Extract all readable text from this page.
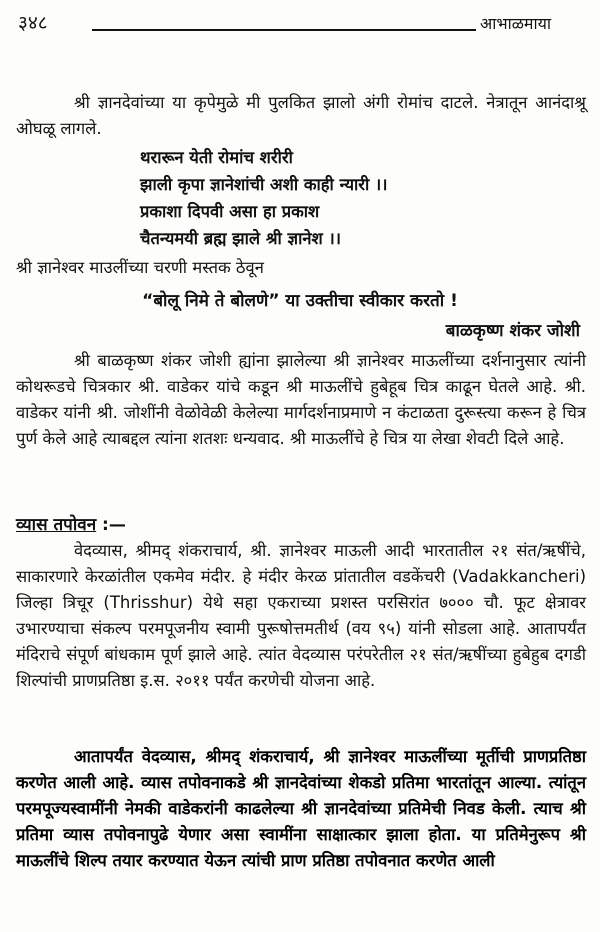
३४८	आभाळमाया

श्री ज्ञानदेवांच्या या कृपेमुळे मी पुलकित झालो अंगी रोमांच दाटले. नेत्रातून आनंदाश्रू ओघळू लागले.

थरारून येती रोमांच शरीरी
झाली कृपा ज्ञानेशांची अशी काही न्यारी ।।
प्रकाशा दिपवी असा हा प्रकाश
चैतन्यमयी ब्रह्म झाले श्री ज्ञानेश ।।

श्री ज्ञानेश्वर माउलींच्या चरणी मस्तक ठेवून

“बोलू निमे ते बोलणे” या उक्तीचा स्वीकार करतो !
बाळकृष्ण शंकर जोशी

श्री बाळकृष्ण शंकर जोशी ह्यांना झालेल्या श्री ज्ञानेश्वर माऊलींच्या दर्शनानुसार त्यांनी कोथरूडचे चित्रकार श्री. वाडेकर यांचे कडून श्री माऊलींचे हुबेहूब चित्र काढून घेतले आहे. श्री. वाडेकर यांनी श्री. जोशींनी वेळोवेळी केलेल्या मार्गदर्शनाप्रमाणे न कंटाळता दुरूस्त्या करून हे चित्र पुर्ण केले आहे त्याबद्दल त्यांना शतशः धन्यवाद. श्री माऊलींचे हे चित्र या लेखा शेवटी दिले आहे.

व्यास तपोवन :—

वेदव्यास, श्रीमद् शंकराचार्य, श्री. ज्ञानेश्वर माऊली आदी भारतातील २१ संत/ऋषींचे, साकारणारे केरळांतील एकमेव मंदीर. हे मंदीर केरळ प्रांतातील वडकेंचरी (Vadakkancheri) जिल्हा त्रिचूर (Thrisshur) येथे सहा एकराच्या प्रशस्त परसिरांत ७००० चौ. फूट क्षेत्रावर उभारण्याचा संकल्प परमपूजनीय स्वामी पुरूषोत्तमतीर्थ (वय ९५) यांनी सोडला आहे. आतापर्यंत मंदिराचे संपूर्ण बांधकाम पूर्ण झाले आहे. त्यांत वेदव्यास परंपरेतील २१ संत/ऋषींच्या हुबेहुब दगडी शिल्पांची प्राणप्रतिष्ठा इ.स. २०११ पर्यंत करणेची योजना आहे.

आतापर्यंत वेदव्यास, श्रीमद् शंकराचार्य, श्री ज्ञानेश्वर माऊलींच्या मूर्तीची प्राणप्रतिष्ठा करणेत आली आहे. व्यास तपोवनाकडे श्री ज्ञानदेवांच्या शेकडो प्रतिमा भारतांतून आल्या. त्यांतून परमपूज्यस्वामींनी नेमकी वाडेकरांनी काढलेल्या श्री ज्ञानदेवांच्या प्रतिमेची निवड केली. त्याच श्री प्रतिमा व्यास तपोवनापुढे येणार असा स्वामींना साक्षात्कार झाला होता. या प्रतिमेनुरूप श्री माऊलींचे शिल्प तयार करण्यात येऊन त्यांची प्राण प्रतिष्ठा तपोवनात करणेत आली
